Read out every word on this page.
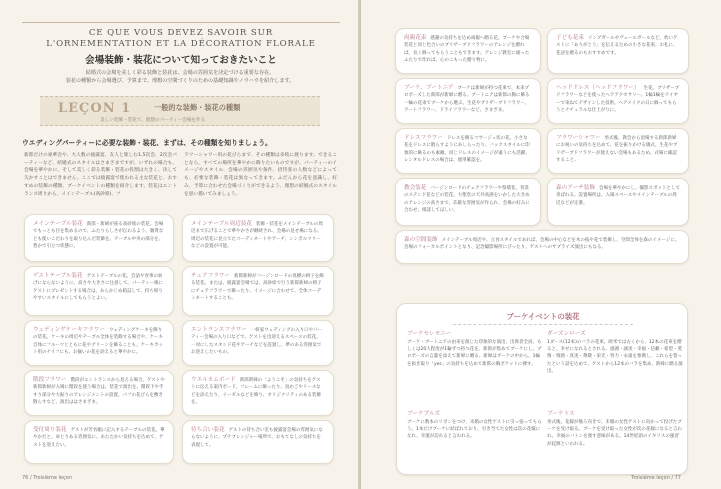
CE QUE VOUS DEVEZ SAVOIR SUR
L'ORNEMENTATION ET LA DÉCORATION FLORALE
会場装飾・装花について知っておきたいこと
結婚式の会場を美しく彩る装飾と装花は、会場の雰囲気を決定づける重要な存在。
装花の種類から会場選び、予算まで、理想の空間づくりのための基礎知識やノウハウを紹介します。
LEÇON 1	一般的な装飾・装花の種類
美しい装飾・装花で、理想のパーティー会場を作る
ウエディングパーティーに必要な装飾・装花、まずは、その種類を知りましょう。
新郎だけの豪華会や、大人数の披露宴、友人と楽しむ1.5次会、2次会パーティーなど、結婚式のスタイルはさまざまですが、いずれの場合も、会場を華やかに、そして美しく彩る装飾・装花の役割は大きく、決して欠かすことはできません。ここでは披露宴で使われる主な装花と、おすすめの装飾の種類、ブーケイベントの種類を紹介します。装花はエントランス周りから、メインテーブル(高砂席)、フ
ラワーシャワー用の花びらまで、その種類は多岐に渡ります。できることなら、すべての場所を華やかに飾りたいものですが、パーティーのイメージやスタイル、会場の雰囲気や条件、招待客の人数などによっても、必要な装飾・装花は異なってきます。ふだんから花を意識し、好み、予算に合わせた会場づくりができるよう、理想の結婚式のスタイルを思い描いてみましょう。
メインテーブル装花 新郎・新婦が座る高砂席の装花。会場でもっとも目を集めるので、ふたりらしさが伝わるよう、雑貨なども使いこだわりを取り込んだ装飾を。テーブル中央の部分を、豊かで引立つ状態に。
メインテーブル周辺装花 装飾・装花をメインテーブルの周辺まで広げることで華やかさが継続され、会場の見せ場になる。周辺の装花に見立てたコーディネートやアーチ、シンボルツリーなどの設置が可能。
ゲストテーブル装花 ゲストテーブルの花。会話や食事の妨げにならないように、高さや大きさに注意して。パーティー後にゲストにプレゼントする場合は、あらかじめ箱詰して、持ち帰りやすいスタイルにしてもらうとよい。
チェアフラワー 新郎新婦がバージンロードの真横の椅子を飾る装花。または、披露宴会場では、高砂席で行う新郎新婦の椅子にチェアフラワーで飾ったり、イメージに合わせて、全体コーディネートすることも。
ウェディングケーキフラワー ウェディングケーキを飾りの装花。ケーキの周辺やテーブル全体を装飾する場合や、ケーキ自体にフルーツとともに花やグリーンを飾ることも。ケーキカット用のナイフにも、お揃いの花を添えると華やかに。
エントランスフラワー 一軒家ウェディングの入り口やパーティー会場の入り口などで、ゲストを出迎えるスペースの装花。一対にしたスタンド花やアーチなどを設置し、夢のある雰囲気でお迎えしたいもの。
階段フラワー 階段がエントランスから見える場合、ゲストや新郎新婦が入場に階段を使う場合は、装花で演出を。階段下や手すり部分や大振りのアレンジメントの設置、パフの花びらを敷き散らすなど、演出ははさまざま。
ウエルカムボード 新郎新婦の「ようこそ」の気持ちをゲストに伝える案内ボード。フレームに飾ったり、鳥かごやリースなどを添えたり、イーゼルなどを飾り、オリジナリティのある装飾を。
受付周り装花 ゲストが芳名帳に記入するテーブルの装花。華やかだと、ゆとりある雰囲気に。あたたかい気持ちを込めて、ゲストを迎えたい。
待ち合い装花 ゲストの待ち合い室も披露宴会場の雰囲気にならないように、プチブレンジャー場所で、おもてなしの気持ちを表現して。
76 / Troisième leçon
両親花束 感謝の気持ちを込め両親へ贈る花。ブーケや合場装花と同じ色合いのブリザーブドフラワーのアレンジを贈れば、長く飾ってもらうこともできます。アレンジ教室に通ったふたりで作れば、心のこもった贈り物に。
子ども花束 リングガールやヴェールガールなど、幼いゲストに「ありがとう」を伝えるための小さな花束。お礼に、花冠を贈るのもおすすめです。
ブーケ、ブートニア ブーケは新婦が持つ花束で、本来プロポーズした新郎が新婦に贈る。ブートニアは新郎の胸に飾る一輪の花束でブーケから選ぶ。生花やブリザーブドフラワー、アートフラワー、ドライフラワーなど、さまざま。
ヘッドドレス（ヘッドフラワー） 生花、ブリザーブドフラワーなどを使ったヘアアクセサリー。1輪1輪をワイヤーで束ねてデザインした技術。ヘアメイクの日に飾ってもらうとナチュラルな仕上がりに。
ドレスフラワー ドレスを飾るコサージュ状の花。小さな花をドレスに散らすようにあしらったり、バックスタイルに印象的に飾るのも素敵。同じドレスのイメージが違うにも活躍。レンタルドレスの場合は、使用確認を。
フラワーシャワー 挙式後、教会から退場する新郎新婦にお祝いの気持ちを込めて、花を振りかける儀式。生花やブリザーブドフラワーが使えない会場もあるため、式場に確認すること。
教会装花 バージンロードのチェアフラワーや祭壇花、背景のステンド花などの装花。大聖堂の天井高感をいかした大きめのアレンジの高さまで、荘厳な雰囲気が作られ、会場の好みに合わせ、相談してほしい。
森のアーチ装飾 会場を華やかにし、撮影スポットとして喜ばれる。設置場所は、入場スペースやメインテーブルの周辺などが定番。
森の空間装飾 メインテーブル周辺や、立食スタイルであれば、会場の中心などを木の枝や花で装飾し、空間全体を森のイメージに。会場のフォーカルポイントとなり、記念撮影場所にぴったり。ゲストへのサプライズ演出にもなる。
ブーケイベントの装花
ブーケセレモニー
ブーケ・ブートニアの由来を演じた印象的な演出。出席者全員、もしくは20人程度が1輪ずつ持つ花を、新郎が集めてブーケにし、プロポーズの言葉を添えて新婦に贈る。新婦はブーケの中から、1輪を抜き取り「yes」の気持ちを込めて新郎の胸ポケットに挿す。
ダーズンローズ
1ダース(12本)のバラの花束。欧米では古くから、12本の花束を贈ると、幸せになれるとされる。感謝・誠実・幸福・信頼・希望・愛情・情熱・真実・尊敬・栄光・努力・永遠を象徴し、これらを誓ったという話を込めて、ゲストから12本のバラを集め、新婦に贈る演出。
ブーケプルズ
ブーケに数本のリボンをつけ、未婚の女性ゲストに引っ張ってもらう。1本だけブーケに結ばれており、引き当てた女性は次の花嫁になれ、幸運が訪れると言われる。
ブーケトス
挙式後、花嫁が後ろ向きで、未婚の女性ゲストに向かって投げたブーケを受け取る。ブーケを受け取った女性が次の花嫁になると言われ、幸福のバトンを渡す意味がある。14世紀頃のイギリスの風習が起源といわれる。
Troisième leçon / 77
